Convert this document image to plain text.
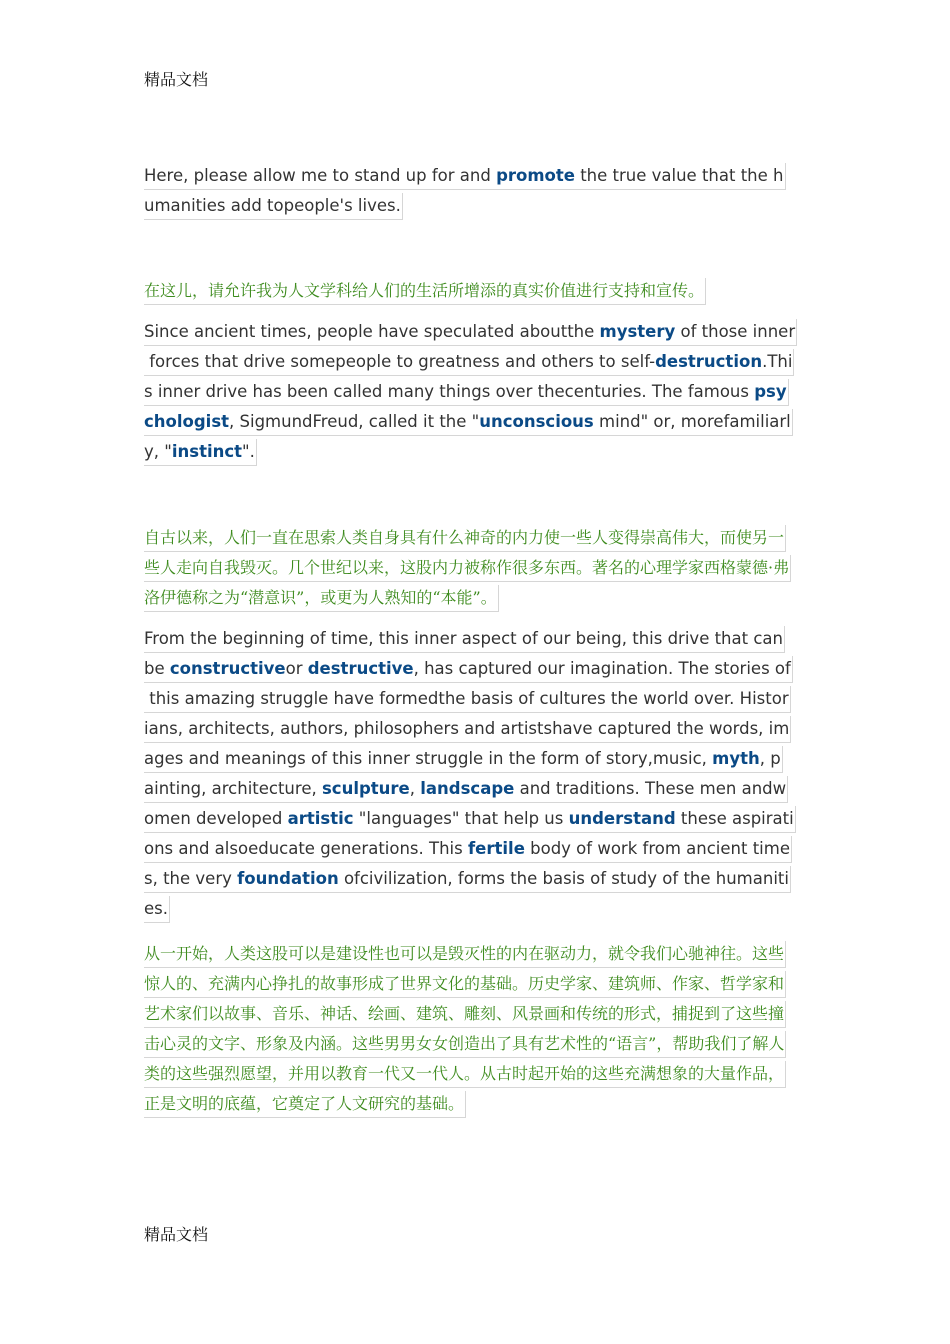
精品文档
Here, please allow me to stand up for and promote the true value that the h
umanities add topeople's lives.
在这儿，请允许我为人文学科给人们的生活所增添的真实价值进行支持和宣传。
Since ancient times, people have speculated aboutthe mystery of those inner
forces that drive somepeople to greatness and others to self-destruction.Thi
s inner drive has been called many things over thecenturies. The famous psy
chologist, SigmundFreud, called it the "unconscious mind" or, morefamiliarl
y, "instinct".
自古以来，人们一直在思索人类自身具有什么神奇的内力使一些人变得崇高伟大，而使另一
些人走向自我毁灭。几个世纪以来，这股内力被称作很多东西。著名的心理学家西格蒙德·弗
洛伊德称之为“潜意识”，或更为人熟知的“本能”。
From the beginning of time, this inner aspect of our being, this drive that can
be constructiveor destructive, has captured our imagination. The stories of
this amazing struggle have formedthe basis of cultures the world over. Histor
ians, architects, authors, philosophers and artistshave captured the words, im
ages and meanings of this inner struggle in the form of story,music, myth, p
ainting, architecture, sculpture, landscape and traditions. These men andw
omen developed artistic "languages" that help us understand these aspirati
ons and alsoeducate generations. This fertile body of work from ancient time
s, the very foundation ofcivilization, forms the basis of study of the humaniti
es.
从一开始，人类这股可以是建设性也可以是毁灭性的内在驱动力，就令我们心驰神往。这些
惊人的、充满内心挣扎的故事形成了世界文化的基础。历史学家、建筑师、作家、哲学家和
艺术家们以故事、音乐、神话、绘画、建筑、雕刻、风景画和传统的形式，捕捉到了这些撞
击心灵的文字、形象及内涵。这些男男女女创造出了具有艺术性的“语言”，帮助我们了解人
类的这些强烈愿望，并用以教育一代又一代人。从古时起开始的这些充满想象的大量作品，
正是文明的底蕴，它奠定了人文研究的基础。
精品文档
